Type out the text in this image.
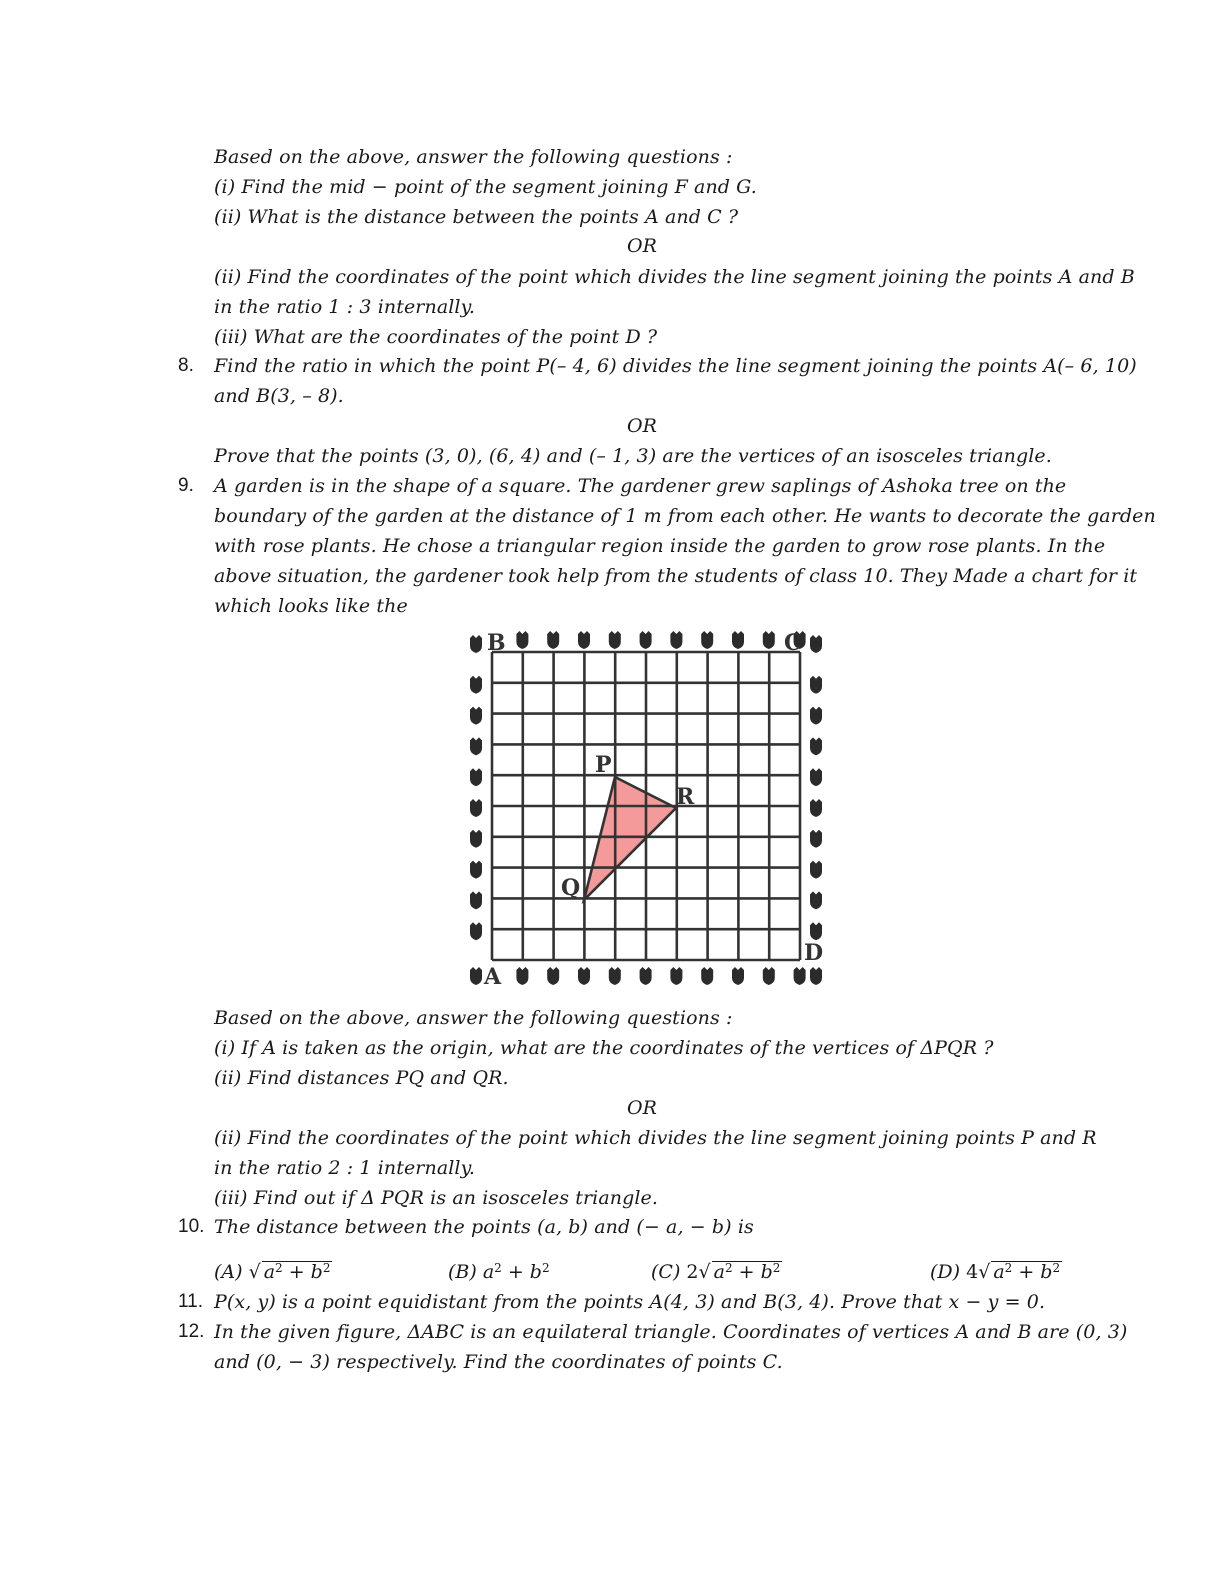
Based on the above, answer the following questions :
(i) Find the mid − point of the segment joining F and G.
(ii) What is the distance between the points A and C ?
OR
(ii) Find the coordinates of the point which divides the line segment joining the points A and B
in the ratio 1 : 3 internally.
(iii) What are the coordinates of the point D ?
8. Find the ratio in which the point P(– 4, 6) divides the line segment joining the points A(– 6, 10)
and B(3, – 8).
OR
Prove that the points (3, 0), (6, 4) and (– 1, 3) are the vertices of an isosceles triangle.
9. A garden is in the shape of a square. The gardener grew saplings of Ashoka tree on the
boundary of the garden at the distance of 1 m from each other. He wants to decorate the garden
with rose plants. He chose a triangular region inside the garden to grow rose plants. In the
above situation, the gardener took help from the students of class 10. They Made a chart for it
which looks like the
B	C
A
D
P
R
Q
Based on the above, answer the following questions :
(i) If A is taken as the origin, what are the coordinates of the vertices of ΔPQR ?
(ii) Find distances PQ and QR.
OR
(ii) Find the coordinates of the point which divides the line segment joining points P and R
in the ratio 2 : 1 internally.
(iii) Find out if Δ PQR is an isosceles triangle.
10. The distance between the points (a, b) and (− a, − b) is
(A) √ $a^2 + b^2$	(B) $a^2 + b^2$	(C) 2√ $a^2 + b^2$	(D) 4√ $a^2 + b^2$
11. P(x, y) is a point equidistant from the points A(4, 3) and B(3, 4). Prove that x − y = 0.
12. In the given figure, ΔABC is an equilateral triangle. Coordinates of vertices A and B are (0, 3)
and (0, − 3) respectively. Find the coordinates of points C.
